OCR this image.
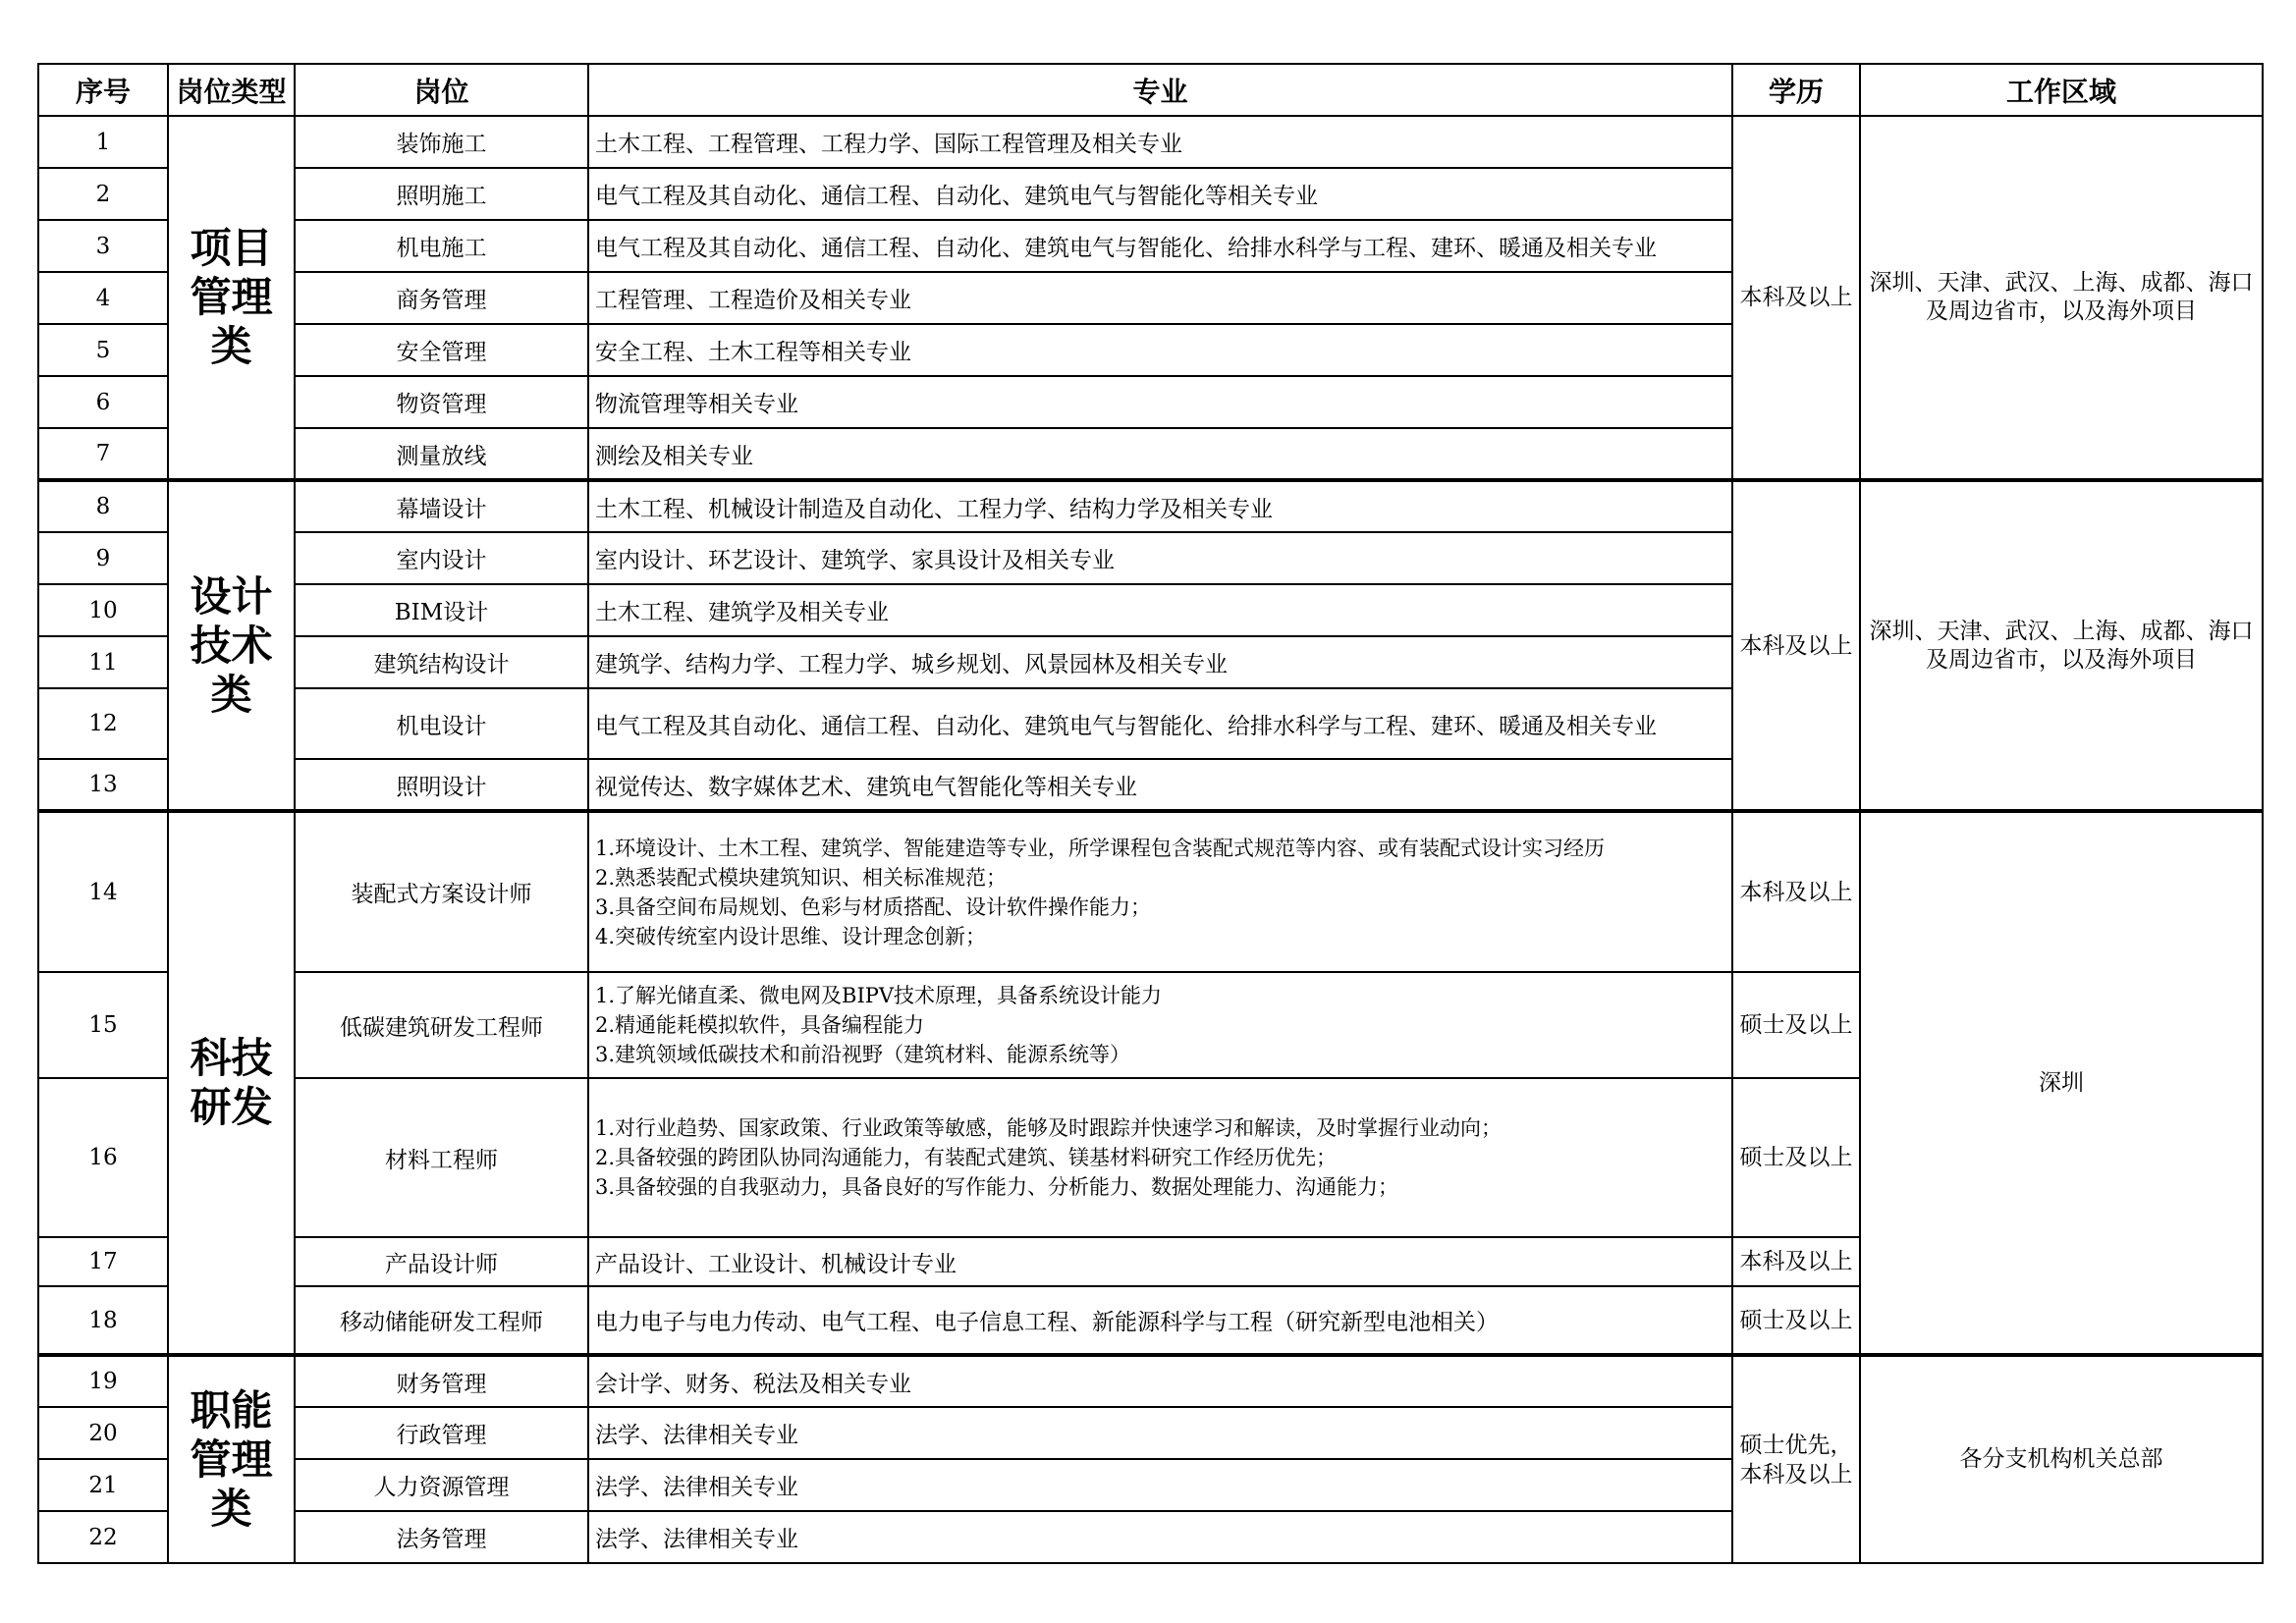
序号	岗位类型	岗位	专业	学历	工作区域
1	项目
管理
类	装饰施工	土木工程、工程管理、工程力学、国际工程管理及相关专业	本科及以上	深圳、天津、武汉、上海、成都、海口及周边省市，以及海外项目
2		照明施工	电气工程及其自动化、通信工程、自动化、建筑电气与智能化等相关专业		
3		机电施工	电气工程及其自动化、通信工程、自动化、建筑电气与智能化、给排水科学与工程、建环、暖通及相关专业		
4		商务管理	工程管理、工程造价及相关专业		
5		安全管理	安全工程、土木工程等相关专业		
6		物资管理	物流管理等相关专业		
7		测量放线	测绘及相关专业		
8	设计
技术
类	幕墙设计	土木工程、机械设计制造及自动化、工程力学、结构力学及相关专业	本科及以上	深圳、天津、武汉、上海、成都、海口及周边省市，以及海外项目
9		室内设计	室内设计、环艺设计、建筑学、家具设计及相关专业		
10		BIM设计	土木工程、建筑学及相关专业		
11		建筑结构设计	建筑学、结构力学、工程力学、城乡规划、风景园林及相关专业		
12		机电设计	电气工程及其自动化、通信工程、自动化、建筑电气与智能化、给排水科学与工程、建环、暖通及相关专业		
13		照明设计	视觉传达、数字媒体艺术、建筑电气智能化等相关专业		
14	科技
研发	装配式方案设计师	1.环境设计、土木工程、建筑学、智能建造等专业，所学课程包含装配式规范等内容、或有装配式设计实习经历
2.熟悉装配式模块建筑知识、相关标准规范；
3.具备空间布局规划、色彩与材质搭配、设计软件操作能力；
4.突破传统室内设计思维、设计理念创新；	本科及以上	深圳
15		低碳建筑研发工程师	1.了解光储直柔、微电网及BIPV技术原理，具备系统设计能力
2.精通能耗模拟软件，具备编程能力
3.建筑领域低碳技术和前沿视野（建筑材料、能源系统等）	硕士及以上	
16		材料工程师	1.对行业趋势、国家政策、行业政策等敏感，能够及时跟踪并快速学习和解读，及时掌握行业动向；
2.具备较强的跨团队协同沟通能力，有装配式建筑、镁基材料研究工作经历优先；
3.具备较强的自我驱动力，具备良好的写作能力、分析能力、数据处理能力、沟通能力；	硕士及以上	
17		产品设计师	产品设计、工业设计、机械设计专业	本科及以上	
18		移动储能研发工程师	电力电子与电力传动、电气工程、电子信息工程、新能源科学与工程（研究新型电池相关）	硕士及以上	
19	职能
管理
类	财务管理	会计学、财务、税法及相关专业	硕士优先，
本科及以上	各分支机构机关总部
20		行政管理	法学、法律相关专业		
21		人力资源管理	法学、法律相关专业		
22		法务管理	法学、法律相关专业		
